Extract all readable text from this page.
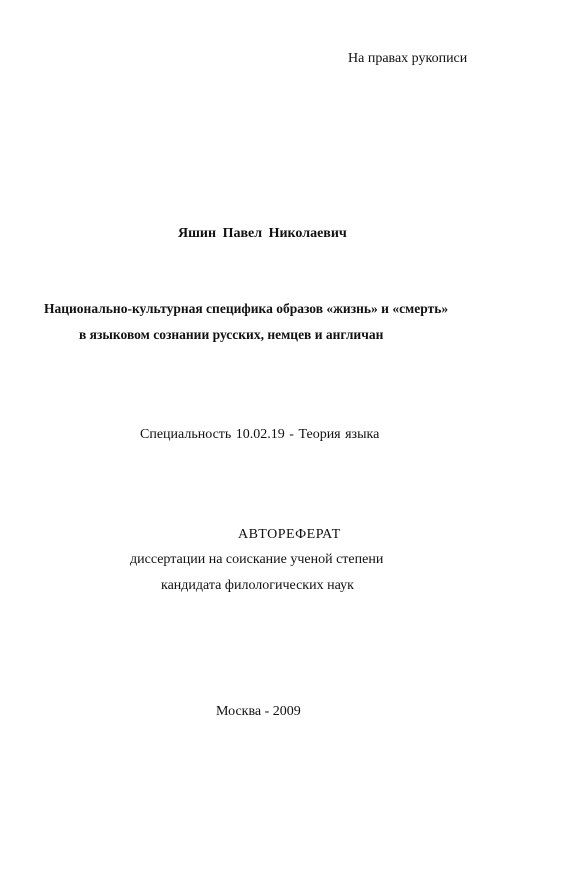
На правах рукописи
Яшин Павел Николаевич
Национально-культурная специфика образов «жизнь» и «смерть»
в языковом сознании русских, немцев и англичан
Специальность 10.02.19 - Теория языка
АВТОРЕФЕРАТ
диссертации на соискание ученой степени
кандидата филологических наук
Москва - 2009
